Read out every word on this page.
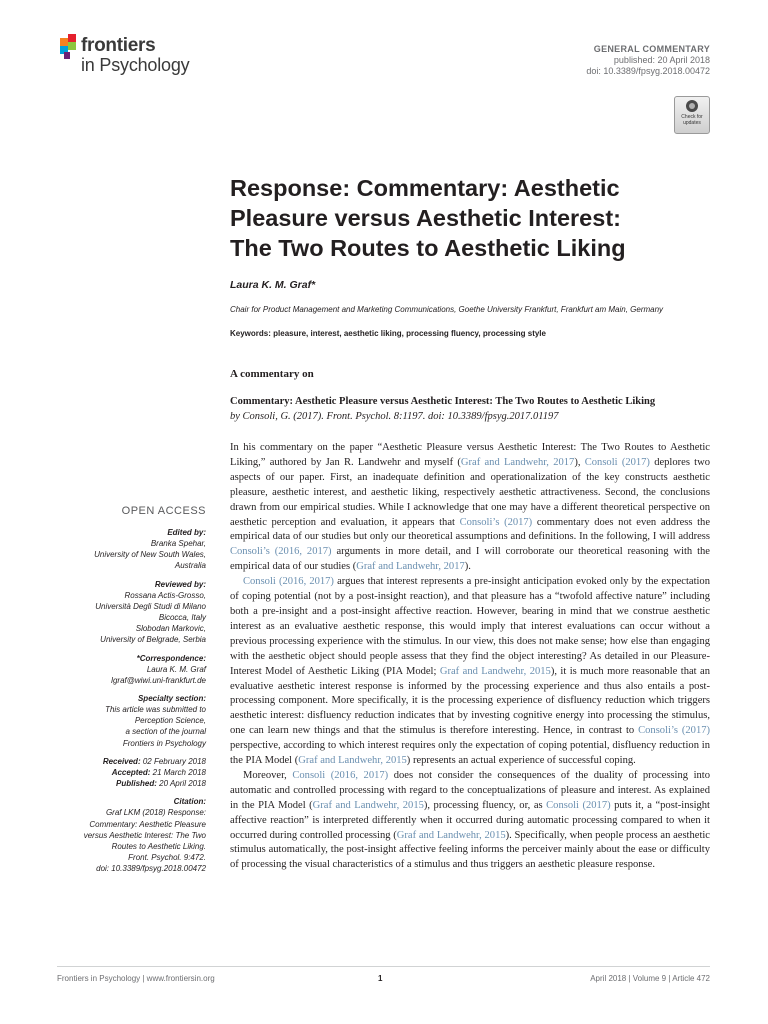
frontiers
in Psychology
GENERAL COMMENTARY
published: 20 April 2018
doi: 10.3389/fpsyg.2018.00472
Check for updates
Response: Commentary: Aesthetic
Pleasure versus Aesthetic Interest:
The Two Routes to Aesthetic Liking
Laura K. M. Graf*
Chair for Product Management and Marketing Communications, Goethe University Frankfurt, Frankfurt am Main, Germany
Keywords: pleasure, interest, aesthetic liking, processing fluency, processing style
A commentary on
Commentary: Aesthetic Pleasure versus Aesthetic Interest: The Two Routes to Aesthetic Liking
by Consoli, G. (2017). Front. Psychol. 8:1197. doi: 10.3389/fpsyg.2017.01197

In his commentary on the paper “Aesthetic Pleasure versus Aesthetic Interest: The Two Routes to Aesthetic Liking,” authored by Jan R. Landwehr and myself (Graf and Landwehr, 2017), Consoli (2017) deplores two aspects of our paper. First, an inadequate definition and operationalization of the key constructs aesthetic pleasure, aesthetic interest, and aesthetic liking, respectively aesthetic attractiveness. Second, the conclusions drawn from our empirical studies. While I acknowledge that one may have a different theoretical perspective on aesthetic perception and evaluation, it appears that Consoli’s (2017) commentary does not even address the empirical data of our studies but only our theoretical assumptions and definitions. In the following, I will address Consoli’s (2016, 2017) arguments in more detail, and I will corroborate our theoretical reasoning with the empirical data of our studies (Graf and Landwehr, 2017).

Consoli (2016, 2017) argues that interest represents a pre-insight anticipation evoked only by the expectation of coping potential (not by a post-insight reaction), and that pleasure has a “twofold affective nature” including both a pre-insight and a post-insight affective reaction. However, bearing in mind that we construe aesthetic interest as an evaluative aesthetic response, this would imply that interest evaluations can occur without a previous processing experience with the stimulus. In our view, this does not make sense; how else than engaging with the aesthetic object should people assess that they find the object interesting? As detailed in our Pleasure-Interest Model of Aesthetic Liking (PIA Model; Graf and Landwehr, 2015), it is much more reasonable that an evaluative aesthetic interest response is informed by the processing experience and thus also entails a post-processing component. More specifically, it is the processing experience of disfluency reduction which triggers aesthetic interest: disfluency reduction indicates that by investing cognitive energy into processing the stimulus, one can learn new things and that the stimulus is therefore interesting. Hence, in contrast to Consoli’s (2017) perspective, according to which interest requires only the expectation of coping potential, disfluency reduction in the PIA Model (Graf and Landwehr, 2015) represents an actual experience of successful coping.

Moreover, Consoli (2016, 2017) does not consider the consequences of the duality of processing into automatic and controlled processing with regard to the conceptualizations of pleasure and interest. As explained in the PIA Model (Graf and Landwehr, 2015), processing fluency, or, as Consoli (2017) puts it, a “post-insight affective reaction” is interpreted differently when it occurred during automatic processing compared to when it occurred during controlled processing (Graf and Landwehr, 2015). Specifically, when people process an aesthetic stimulus automatically, the post-insight affective feeling informs the perceiver mainly about the ease or difficulty of processing the visual characteristics of a stimulus and thus triggers an aesthetic pleasure response.

OPEN ACCESS
Edited by:
Branka Spehar,
University of New South Wales,
Australia
Reviewed by:
Rossana Actis-Grosso,
Università Degli Studi di Milano
Bicocca, Italy
Slobodan Markovic,
University of Belgrade, Serbia
*Correspondence:
Laura K. M. Graf
lgraf@wiwi.uni-frankfurt.de
Specialty section:
This article was submitted to
Perception Science,
a section of the journal
Frontiers in Psychology
Received: 02 February 2018
Accepted: 21 March 2018
Published: 20 April 2018
Citation:
Graf LKM (2018) Response:
Commentary: Aesthetic Pleasure
versus Aesthetic Interest: The Two
Routes to Aesthetic Liking.
Front. Psychol. 9:472.
doi: 10.3389/fpsyg.2018.00472
Frontiers in Psychology | www.frontiersin.org	1	April 2018 | Volume 9 | Article 472
